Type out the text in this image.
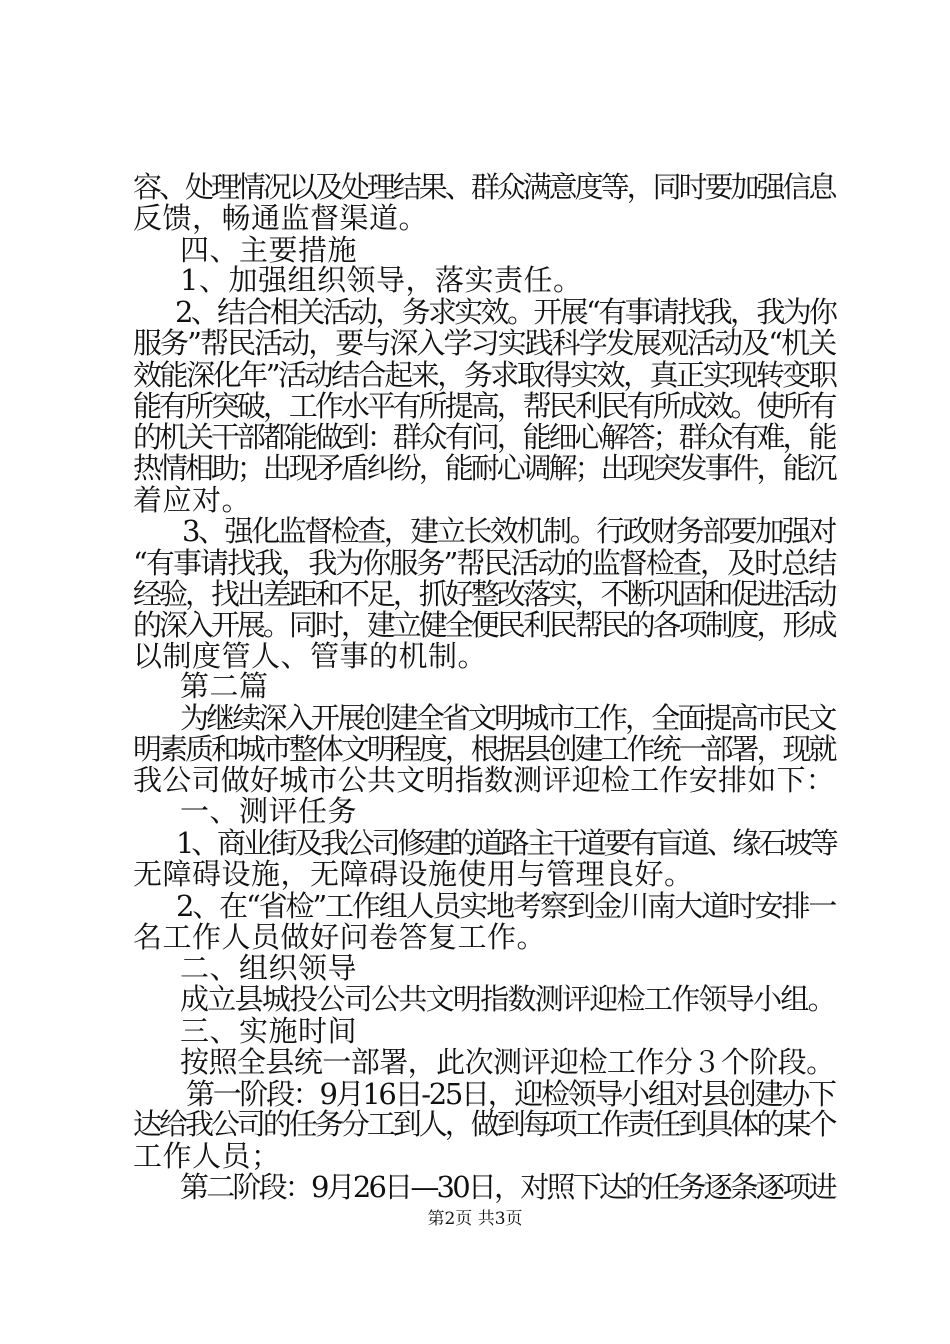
容、处理情况以及处理结果、群众满意度等，同时要加强信息
反馈，畅通监督渠道。
四、主要措施
1、加强组织领导，落实责任。
2、结合相关活动，务求实效。开展“有事请找我，我为你
服务”帮民活动，要与深入学习实践科学发展观活动及“机关
效能深化年”活动结合起来，务求取得实效，真正实现转变职
能有所突破，工作水平有所提高，帮民利民有所成效。使所有
的机关干部都能做到：群众有问，能细心解答；群众有难，能
热情相助；出现矛盾纠纷，能耐心调解；出现突发事件，能沉
着应对。
3、强化监督检查，建立长效机制。行政财务部要加强对
“有事请找我，我为你服务”帮民活动的监督检查，及时总结
经验，找出差距和不足，抓好整改落实，不断巩固和促进活动
的深入开展。同时，建立健全便民利民帮民的各项制度，形成
以制度管人、管事的机制。
第二篇
为继续深入开展创建全省文明城市工作，全面提高市民文
明素质和城市整体文明程度，根据县创建工作统一部署，现就
我公司做好城市公共文明指数测评迎检工作安排如下：
一、测评任务
1、商业街及我公司修建的道路主干道要有盲道、缘石坡等
无障碍设施，无障碍设施使用与管理良好。
2、在“省检”工作组人员实地考察到金川南大道时安排一
名工作人员做好问卷答复工作。
二、组织领导
成立县城投公司公共文明指数测评迎检工作领导小组。
三、实施时间
按照全县统一部署，此次测评迎检工作分３个阶段。
第一阶段：9月16日-25日，迎检领导小组对县创建办下
达给我公司的任务分工到人，做到每项工作责任到具体的某个
工作人员；
第二阶段：9月26日—30日，对照下达的任务逐条逐项进
第2页 共3页
